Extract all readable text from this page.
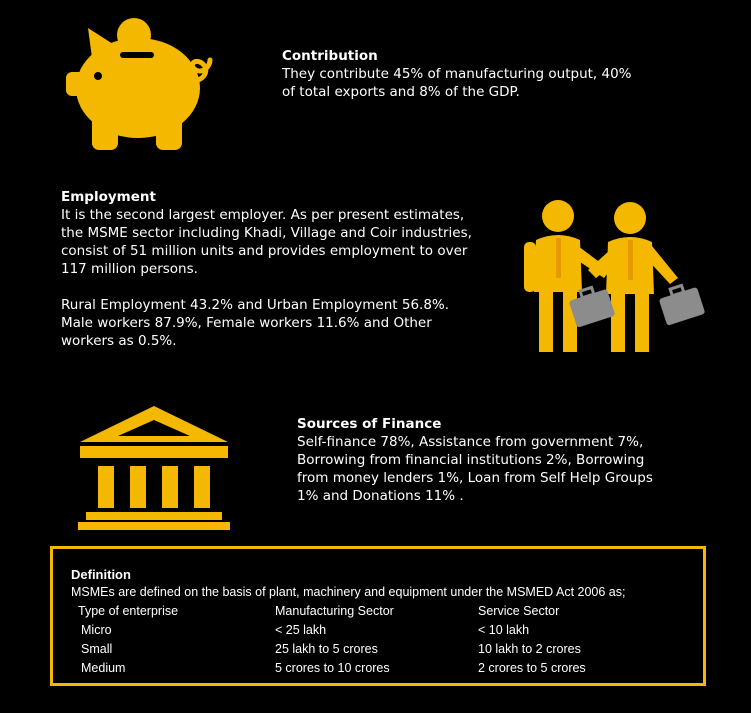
Contribution

They contribute 45% of manufacturing output, 40%

of total exports and 8% of the GDP.

Employment

It is the second largest employer. As per present estimates,

the MSME sector including Khadi, Village and Coir industries,

consist of 51 million units and provides employment to over

117 million persons.

Rural Employment 43.2% and Urban Employment 56.8%.

Male workers 87.9%, Female workers 11.6% and Other

workers as 0.5%.

Sources of Finance

Self-finance 78%, Assistance from government 7%,

Borrowing from financial institutions 2%, Borrowing

from money lenders 1%, Loan from Self Help Groups

1% and Donations 11% .

Definition
MSMEs are defined on the basis of plant, machinery and equipment under the MSMED Act 2006 as;
Type of enterprise	Manufacturing Sector	Service Sector
Micro	< 25 lakh	< 10 lakh
Small	25 lakh to 5 crores	10 lakh to 2 crores
Medium	5 crores to 10 crores	2 crores to 5 crores
